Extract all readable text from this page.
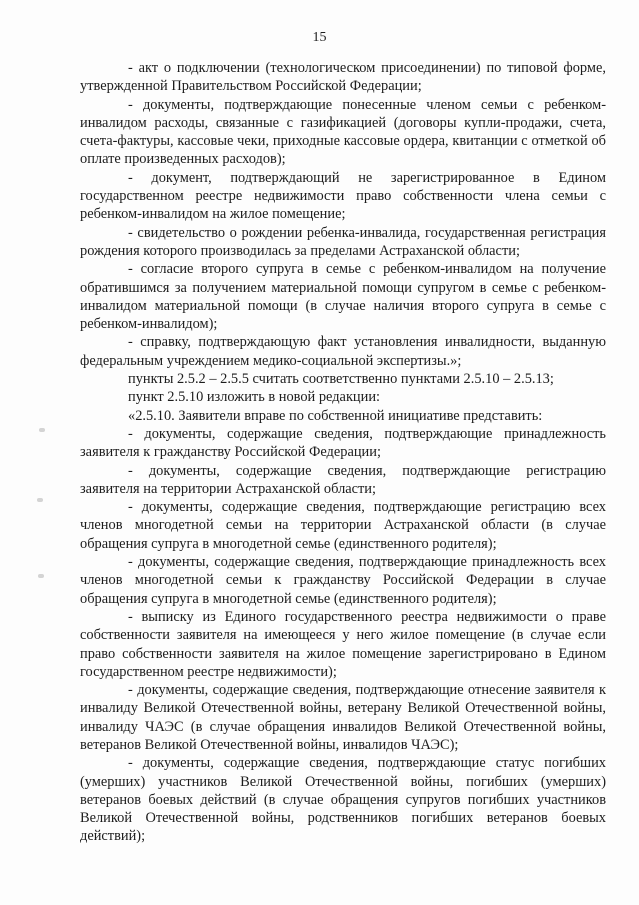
15

- акт о подключении (технологическом присоединении) по типовой форме, утвержденной Правительством Российской Федерации;

- документы, подтверждающие понесенные членом семьи с ребенком-инвалидом расходы, связанные с газификацией (договоры купли-продажи, счета, счета-фактуры, кассовые чеки, приходные кассовые ордера, квитанции с отметкой об оплате произведенных расходов);

- документ, подтверждающий не зарегистрированное в Едином государственном реестре недвижимости право собственности члена семьи с ребенком-инвалидом на жилое помещение;

- свидетельство о рождении ребенка-инвалида, государственная регистрация рождения которого производилась за пределами Астраханской области;

- согласие второго супруга в семье с ребенком-инвалидом на получение обратившимся за получением материальной помощи супругом в семье с ребенком-инвалидом материальной помощи (в случае наличия второго супруга в семье с ребенком-инвалидом);

- справку, подтверждающую факт установления инвалидности, выданную федеральным учреждением медико-социальной экспертизы.»;

пункты 2.5.2 – 2.5.5 считать соответственно пунктами 2.5.10 – 2.5.13;

пункт 2.5.10 изложить в новой редакции:

«2.5.10. Заявители вправе по собственной инициативе представить:

- документы, содержащие сведения, подтверждающие принадлежность заявителя к гражданству Российской Федерации;

- документы, содержащие сведения, подтверждающие регистрацию заявителя на территории Астраханской области;

- документы, содержащие сведения, подтверждающие регистрацию всех членов многодетной семьи на территории Астраханской области (в случае обращения супруга в многодетной семье (единственного родителя);

- документы, содержащие сведения, подтверждающие принадлежность всех членов многодетной семьи к гражданству Российской Федерации в случае обращения супруга в многодетной семье (единственного родителя);

- выписку из Единого государственного реестра недвижимости о праве собственности заявителя на имеющееся у него жилое помещение (в случае если право собственности заявителя на жилое помещение зарегистрировано в Едином государственном реестре недвижимости);

- документы, содержащие сведения, подтверждающие отнесение заявителя к инвалиду Великой Отечественной войны, ветерану Великой Отечественной войны, инвалиду ЧАЭС (в случае обращения инвалидов Великой Отечественной войны, ветеранов Великой Отечественной войны, инвалидов ЧАЭС);

- документы, содержащие сведения, подтверждающие статус погибших (умерших) участников Великой Отечественной войны, погибших (умерших) ветеранов боевых действий (в случае обращения супругов погибших участников Великой Отечественной войны, родственников погибших ветеранов боевых действий);
